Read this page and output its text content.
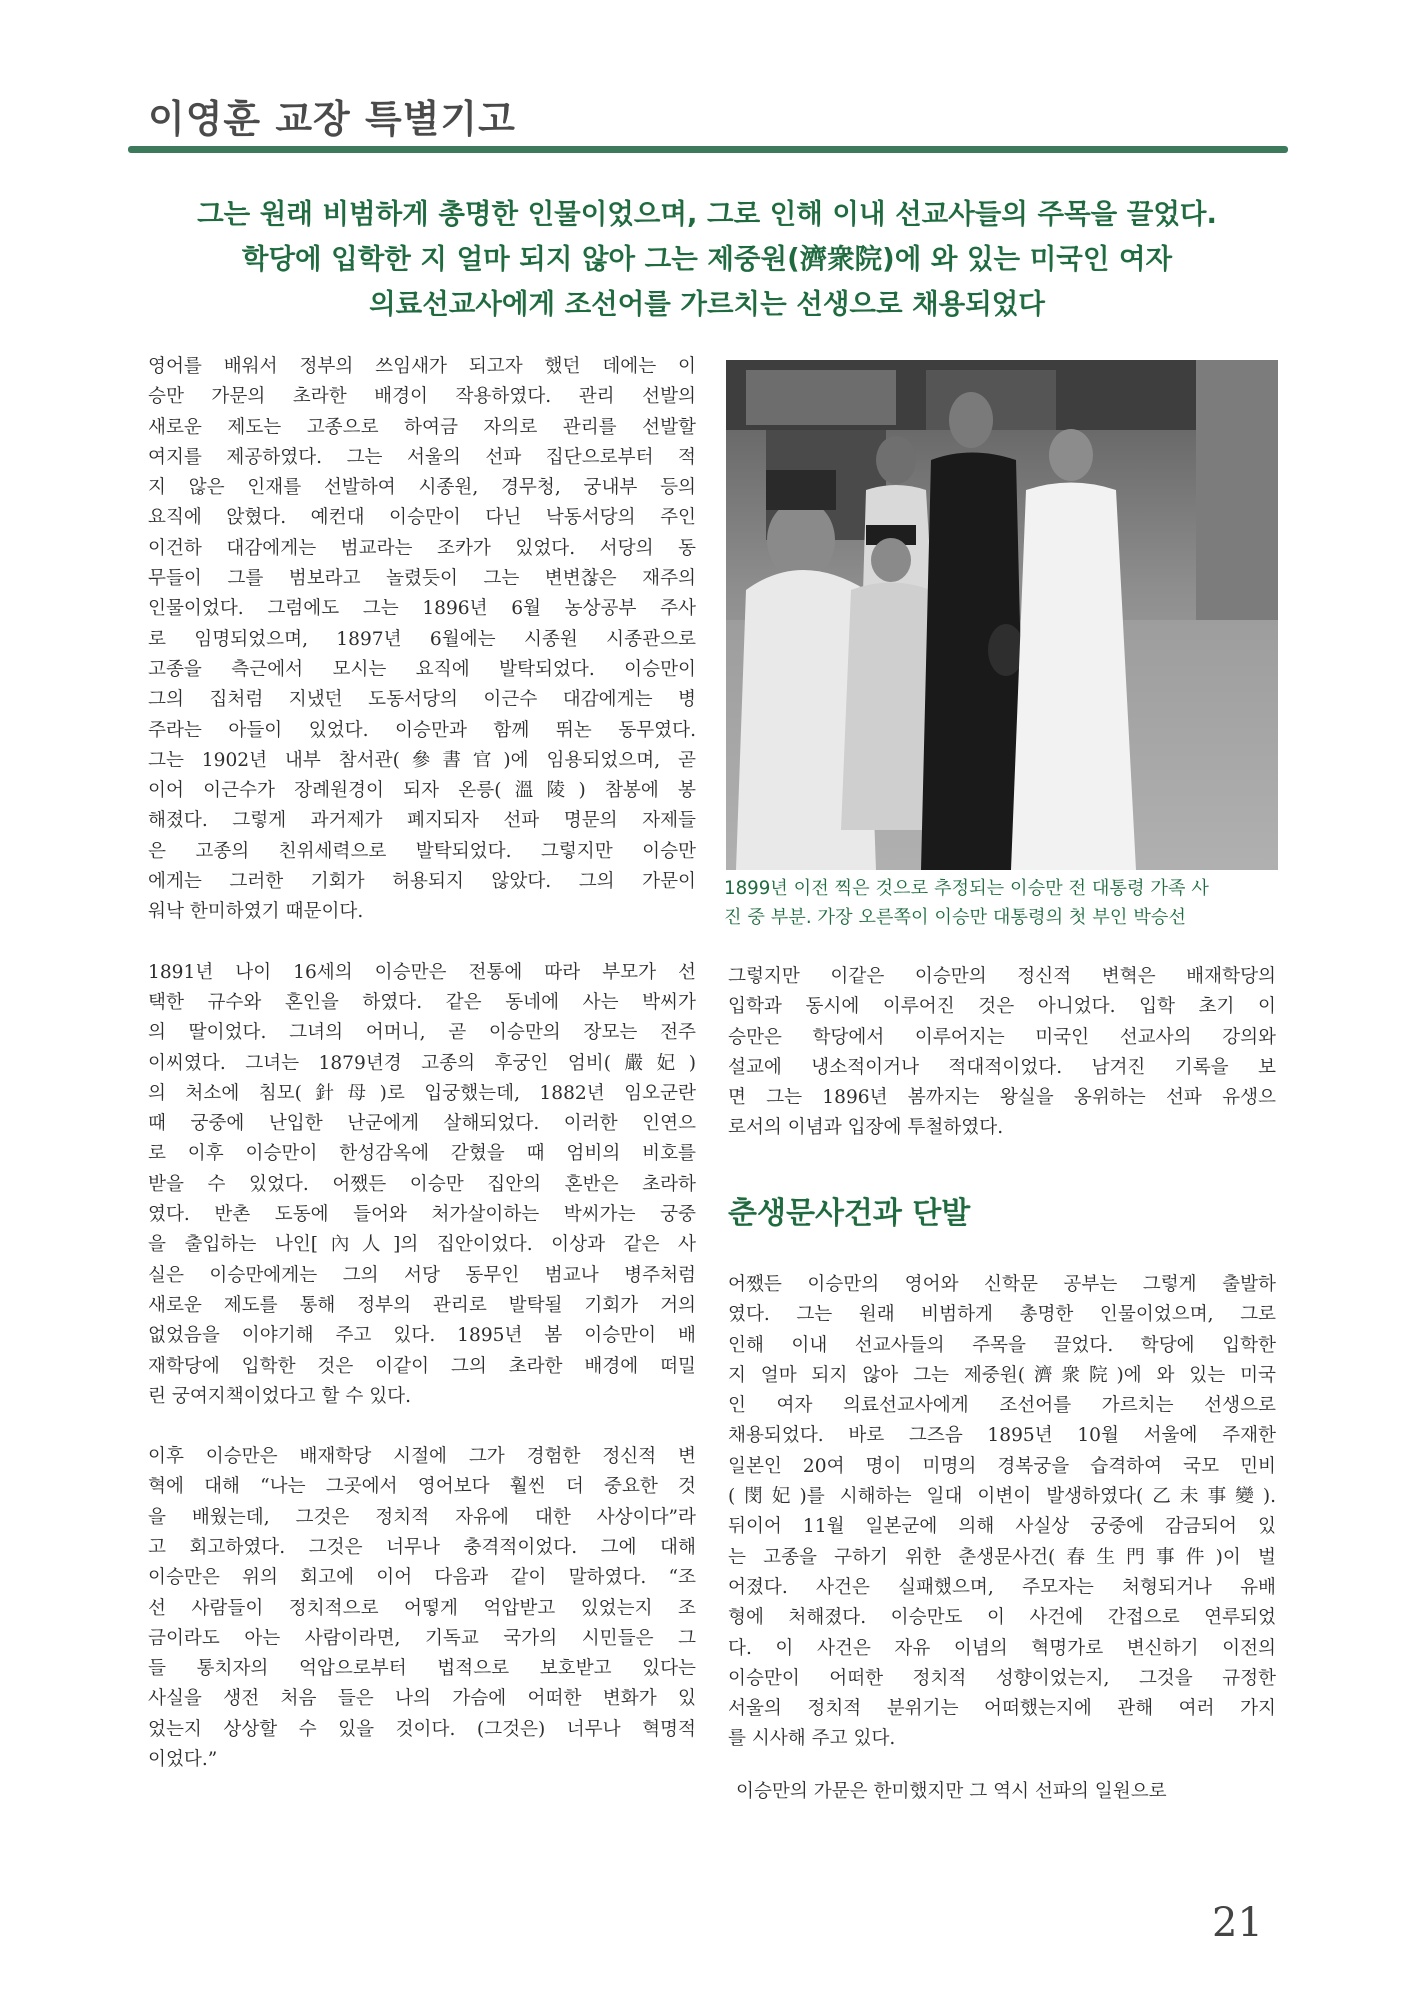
이영훈 교장 특별기고
그는 원래 비범하게 총명한 인물이었으며, 그로 인해 이내 선교사들의 주목을 끌었다.
학당에 입학한 지 얼마 되지 않아 그는 제중원(濟衆院)에 와 있는 미국인 여자
의료선교사에게 조선어를 가르치는 선생으로 채용되었다
영어를 배워서 정부의 쓰임새가 되고자 했던 데에는 이
승만 가문의 초라한 배경이 작용하였다. 관리 선발의
새로운 제도는 고종으로 하여금 자의로 관리를 선발할
여지를 제공하였다. 그는 서울의 선파 집단으로부터 적
지 않은 인재를 선발하여 시종원, 경무청, 궁내부 등의
요직에 앉혔다. 예컨대 이승만이 다닌 낙동서당의 주인
이건하 대감에게는 범교라는 조카가 있었다. 서당의 동
무들이 그를 범보라고 놀렸듯이 그는 변변찮은 재주의
인물이었다. 그럼에도 그는 1896년 6월 농상공부 주사
로 임명되었으며, 1897년 6월에는 시종원 시종관으로
고종을 측근에서 모시는 요직에 발탁되었다. 이승만이
그의 집처럼 지냈던 도동서당의 이근수 대감에게는 병
주라는 아들이 있었다. 이승만과 함께 뛰논 동무였다.
그는 1902년 내부 참서관(參書官)에 임용되었으며, 곧
이어 이근수가 장례원경이 되자 온릉(溫陵) 참봉에 봉
해졌다. 그렇게 과거제가 폐지되자 선파 명문의 자제들
은 고종의 친위세력으로 발탁되었다. 그렇지만 이승만
에게는 그러한 기회가 허용되지 않았다. 그의 가문이
워낙 한미하였기 때문이다.
1891년 나이 16세의 이승만은 전통에 따라 부모가 선
택한 규수와 혼인을 하였다. 같은 동네에 사는 박씨가
의 딸이었다. 그녀의 어머니, 곧 이승만의 장모는 전주
이씨였다. 그녀는 1879년경 고종의 후궁인 엄비(嚴妃)
의 처소에 침모(針母)로 입궁했는데, 1882년 임오군란
때 궁중에 난입한 난군에게 살해되었다. 이러한 인연으
로 이후 이승만이 한성감옥에 갇혔을 때 엄비의 비호를
받을 수 있었다. 어쨌든 이승만 집안의 혼반은 초라하
였다. 반촌 도동에 들어와 처가살이하는 박씨가는 궁중
을 출입하는 나인[內人]의 집안이었다. 이상과 같은 사
실은 이승만에게는 그의 서당 동무인 범교나 병주처럼
새로운 제도를 통해 정부의 관리로 발탁될 기회가 거의
없었음을 이야기해 주고 있다. 1895년 봄 이승만이 배
재학당에 입학한 것은 이같이 그의 초라한 배경에 떠밀
린 궁여지책이었다고 할 수 있다.
이후 이승만은 배재학당 시절에 그가 경험한 정신적 변
혁에 대해 “나는 그곳에서 영어보다 훨씬 더 중요한 것
을 배웠는데, 그것은 정치적 자유에 대한 사상이다”라
고 회고하였다. 그것은 너무나 충격적이었다. 그에 대해
이승만은 위의 회고에 이어 다음과 같이 말하였다. “조
선 사람들이 정치적으로 어떻게 억압받고 있었는지 조
금이라도 아는 사람이라면, 기독교 국가의 시민들은 그
들 통치자의 억압으로부터 법적으로 보호받고 있다는
사실을 생전 처음 들은 나의 가슴에 어떠한 변화가 있
었는지 상상할 수 있을 것이다. (그것은) 너무나 혁명적
이었다.”
1899년 이전 찍은 것으로 추정되는 이승만 전 대통령 가족 사
진 중 부분. 가장 오른쪽이 이승만 대통령의 첫 부인 박승선
그렇지만 이같은 이승만의 정신적 변혁은 배재학당의
입학과 동시에 이루어진 것은 아니었다. 입학 초기 이
승만은 학당에서 이루어지는 미국인 선교사의 강의와
설교에 냉소적이거나 적대적이었다. 남겨진 기록을 보
면 그는 1896년 봄까지는 왕실을 옹위하는 선파 유생으
로서의 이념과 입장에 투철하였다.
춘생문사건과 단발
어쨌든 이승만의 영어와 신학문 공부는 그렇게 출발하
였다. 그는 원래 비범하게 총명한 인물이었으며, 그로
인해 이내 선교사들의 주목을 끌었다. 학당에 입학한
지 얼마 되지 않아 그는 제중원(濟衆院)에 와 있는 미국
인 여자 의료선교사에게 조선어를 가르치는 선생으로
채용되었다. 바로 그즈음 1895년 10월 서울에 주재한
일본인 20여 명이 미명의 경복궁을 습격하여 국모 민비
(閔妃)를 시해하는 일대 이변이 발생하였다(乙未事變).
뒤이어 11월 일본군에 의해 사실상 궁중에 감금되어 있
는 고종을 구하기 위한 춘생문사건(春生門事件)이 벌
어졌다. 사건은 실패했으며, 주모자는 처형되거나 유배
형에 처해졌다. 이승만도 이 사건에 간접으로 연루되었
다. 이 사건은 자유 이념의 혁명가로 변신하기 이전의
이승만이 어떠한 정치적 성향이었는지, 그것을 규정한
서울의 정치적 분위기는 어떠했는지에 관해 여러 가지
를 시사해 주고 있다.
이승만의 가문은 한미했지만 그 역시 선파의 일원으로
21
